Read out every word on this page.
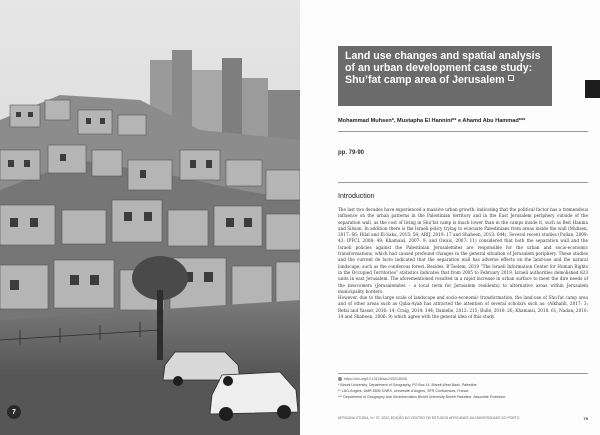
7
Land use changes and spatial analysis of an urban development case study: Shu’fat camp area of Jerusalem
Mohammad Muhsen*, Mustapha El Hannini** e Ahamd Abu Hammad***
pp. 79-90
Introduction

The last two decades have experienced a massive urban growth, indicating that the political factor has a tremendous influence on the urban patterns in the Palestinian territory and in the East Jerusalem periphery outside of the separation wall, as the cost of living in Shu’fat camp is much lower than in the camps inside it, such as Beit Hanina and Silwan. In addition there is the Israeli policy trying to evacuate Palestinians from areas inside the wall (Muhsen, 2017: 66; Hilal and El-Saka, 2015: 58; ARIJ, 2019: 17 and Shaheen, 2013: 644). Several recent studies (Pullan, 2009: 43; IPFCI, 2008: 49; Khamaisi, 2007: 9; and Owais, 2007: 11) considered that both the separation wall and the Israeli policies against the Palestinian Jerusalemites are responsible for the urban and socio-economic transformations, which had caused profound changes in the general situation of Jerusalem periphery. These studies and the current de facto indicated that the separation wall has adverse effects on the land-use and the natural landscape, such as the coniferous forest. Besides, B’Tselem, 2019 “The Israeli Information Center for Human Rights in the Occupied Territories” statistics indicates that from 2005 to February 2019, Israeli authorities demolished 823 units in east Jerusalem. The aforementioned resulted in a rapid increase in urban surface to meet the dire needs of the newcomers (Jerusalemites – a local term for Jerusalem residents) to alternative areas within Jerusalem municipality borders.

However, due to the large scale of landscape and socio-economic transformation, the land-use of Shu’fat camp area and of other areas such as Qalia-Ayab has attracted the attention of several scholars such as: (Alkhalili, 2017: 3; Refai and Yasser, 2016: 14; Craig, 2014: 144; Danielle, 2012: 215; Bulle, 2010: 26; Khamaisi, 2010: 61; Nadan; 2010: 14 and Shaheen, 2006: 9) which agree with the general idea of this study.

https://doi.org/10.13128/aa-2432/18026
* Birzeit University, Department of Geography, PO Box 14, Birzeit West Bank, Palestine.
** LAO-Angers, UMR 6590 CNRS, Université d’Angers, SFR Confluences, France.
*** Department of Geography and Geoinformatics Birzeit University Birzeit Palestine. Associate Professor.
AFRICANA STUDIA, N.º 37, 2022, EDIÇÃO DO CENTRO DE ESTUDOS AFRICANOS DA UNIVERSIDADE DO PORTO	79
